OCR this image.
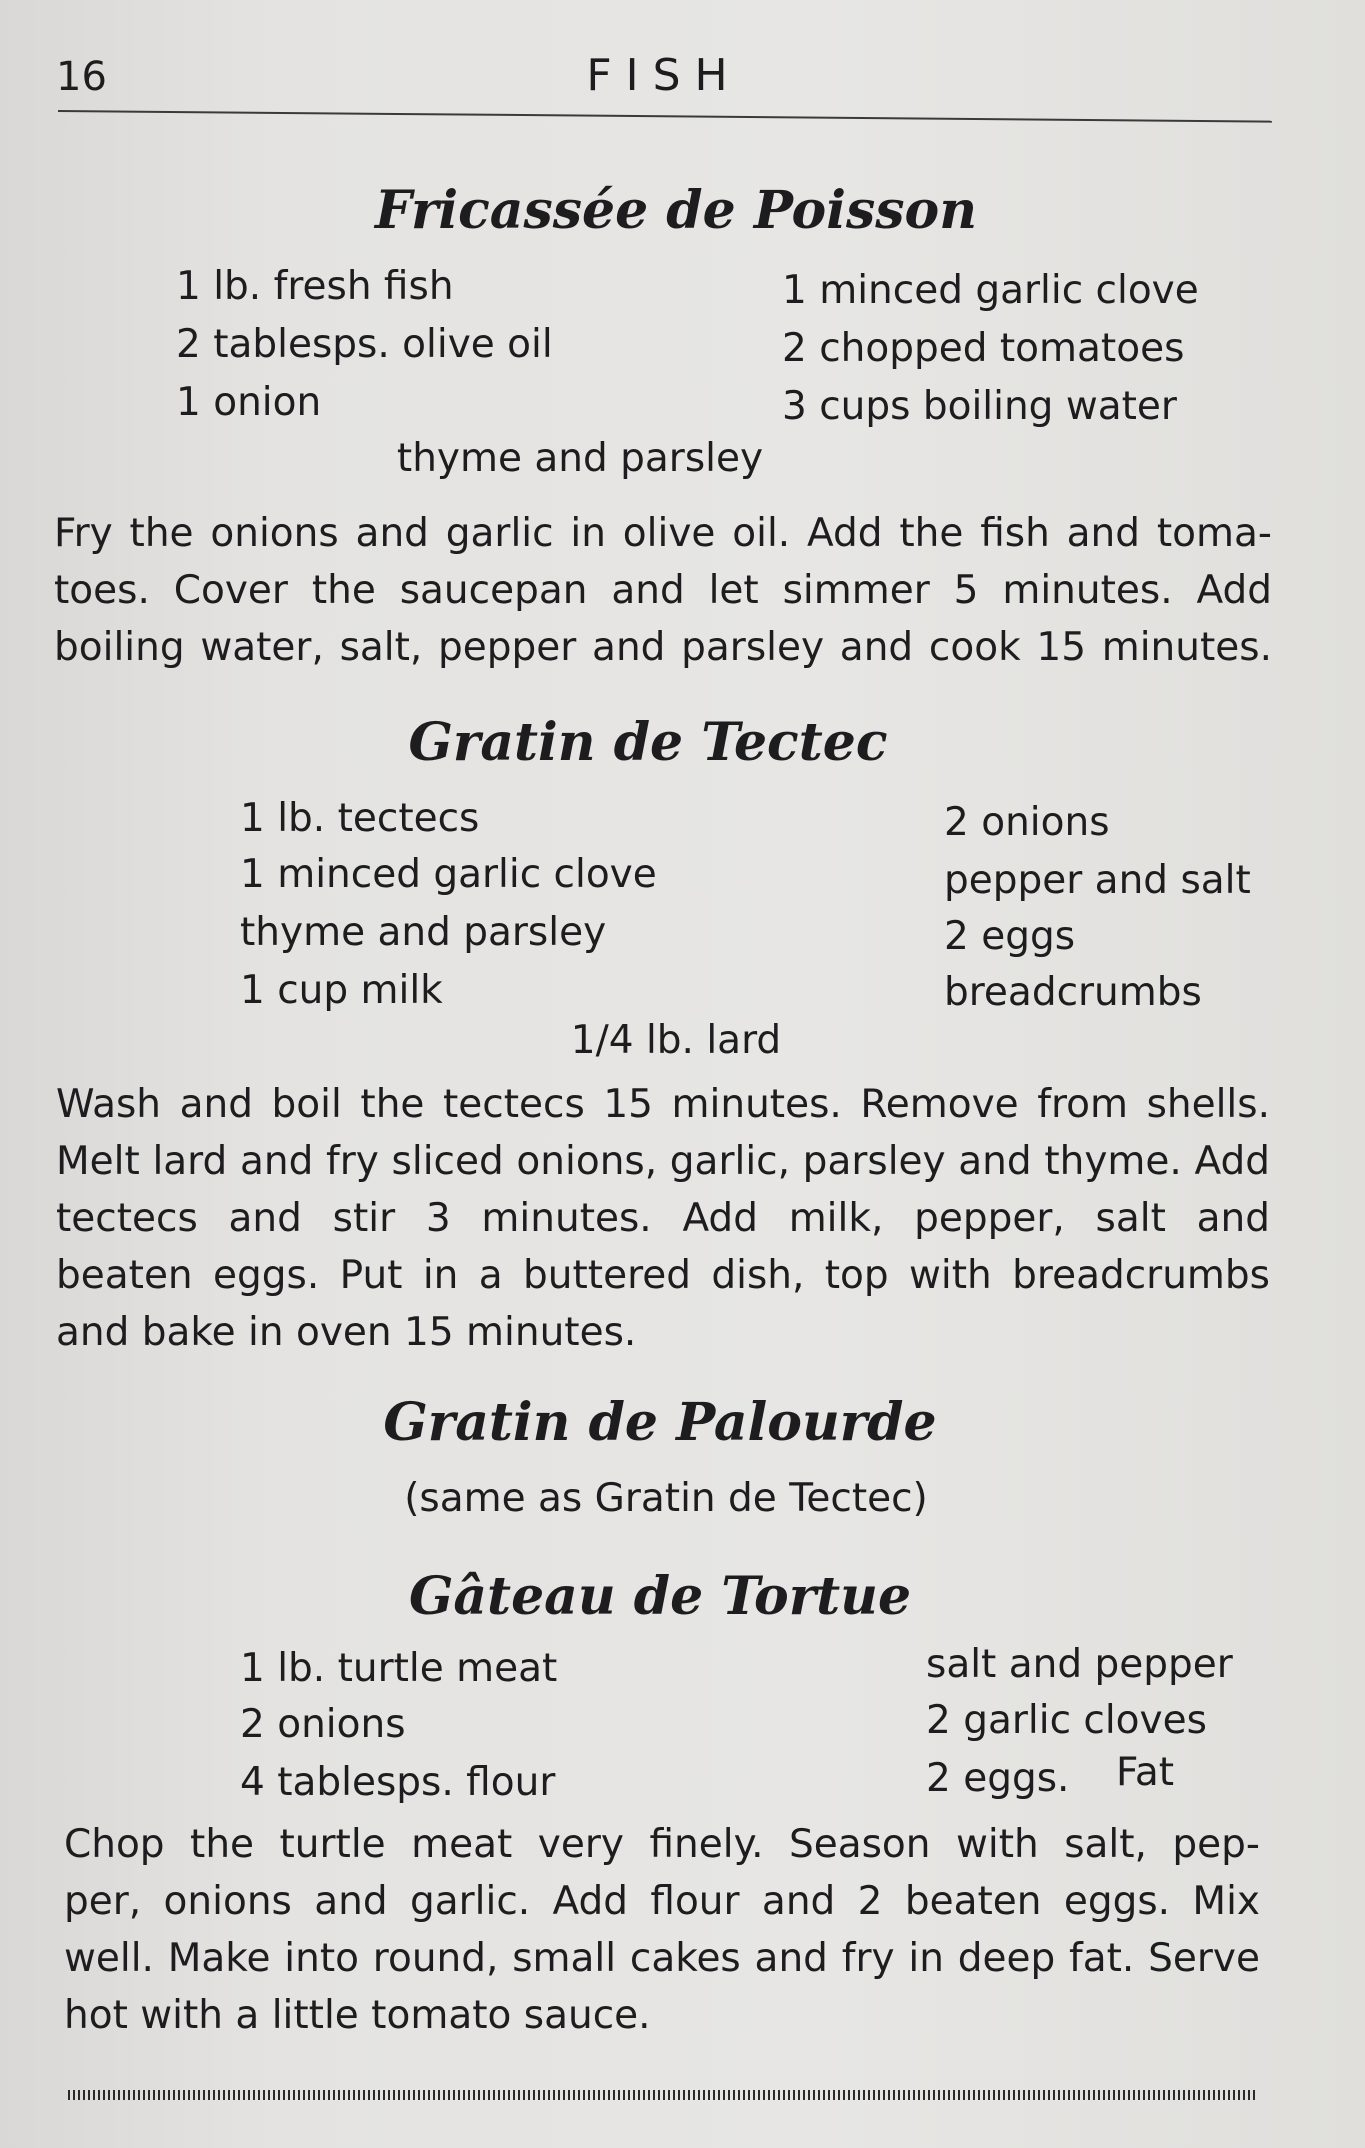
16	FISH
Fricassée de Poisson
1 lb. fresh fish
2 tablesps. olive oil
1 onion
1 minced garlic clove
2 chopped tomatoes
3 cups boiling water
thyme and parsley
Fry the onions and garlic in olive oil. Add the fish and toma-
toes. Cover the saucepan and let simmer 5 minutes. Add
boiling water, salt, pepper and parsley and cook 15 minutes.
Gratin de Tectec
1 lb. tectecs
1 minced garlic clove
thyme and parsley
1 cup milk
2 onions
pepper and salt
2 eggs
breadcrumbs
1/4 lb. lard
Wash and boil the tectecs 15 minutes. Remove from shells.
Melt lard and fry sliced onions, garlic, parsley and thyme. Add
tectecs and stir 3 minutes. Add milk, pepper, salt and
beaten eggs. Put in a buttered dish, top with breadcrumbs
and bake in oven 15 minutes.
Gratin de Palourde
(same as Gratin de Tectec)
Gâteau de Tortue
1 lb. turtle meat
2 onions
4 tablesps. flour
salt and pepper
2 garlic cloves
2 eggs. Fat
Chop the turtle meat very finely. Season with salt, pep-
per, onions and garlic. Add flour and 2 beaten eggs. Mix
well. Make into round, small cakes and fry in deep fat. Serve
hot with a little tomato sauce.
